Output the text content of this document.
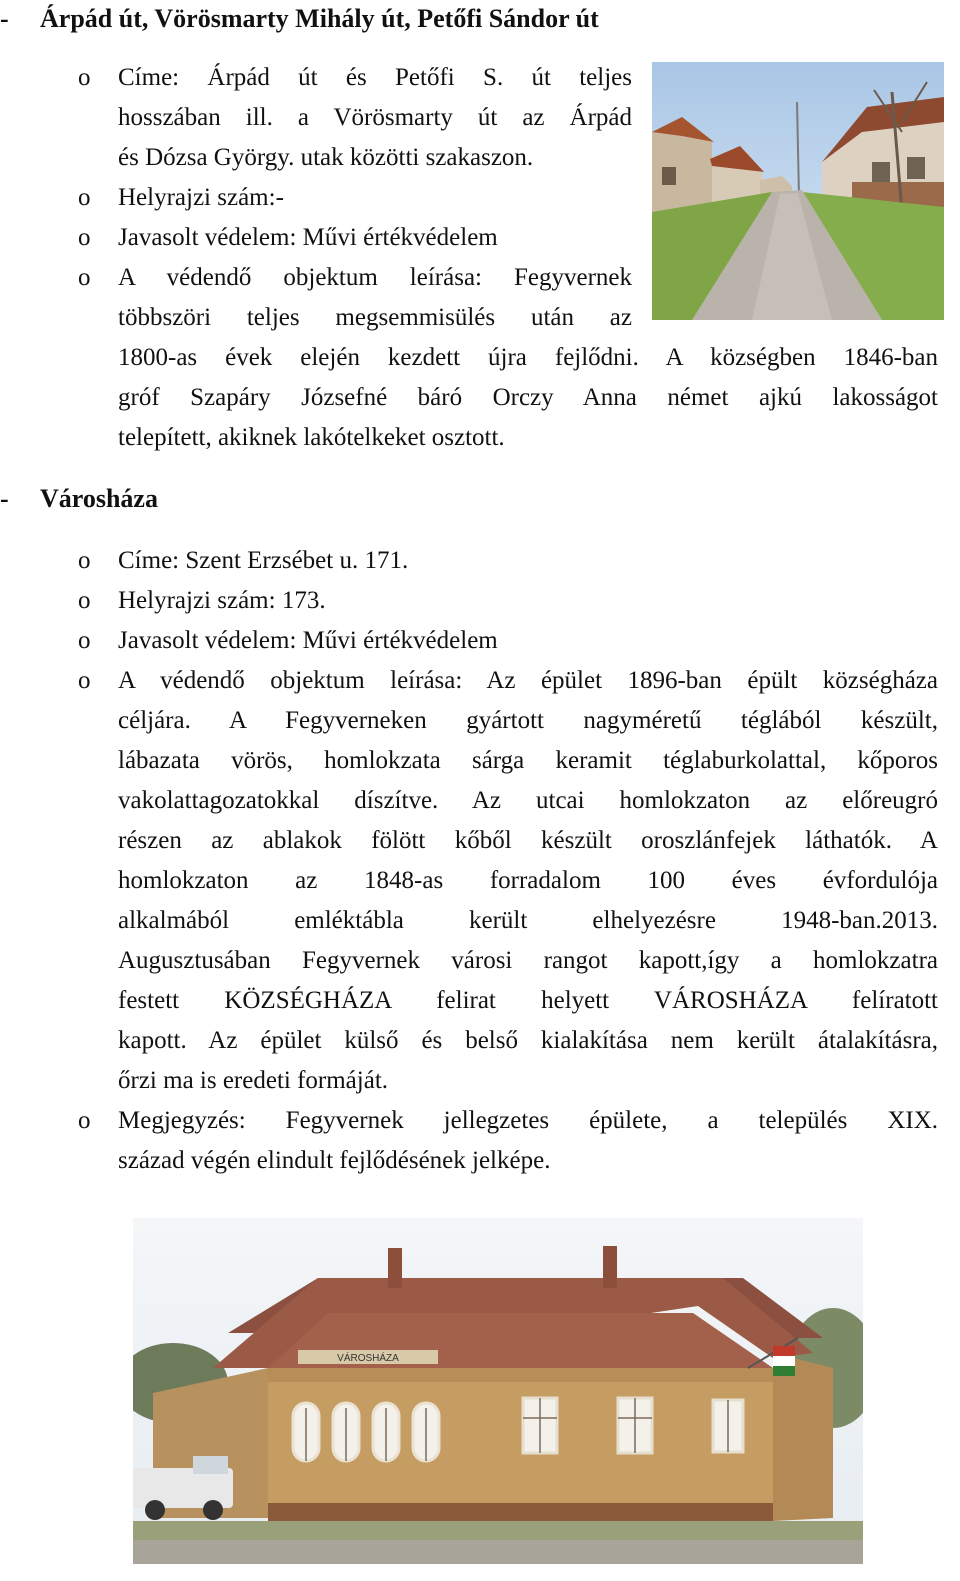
- Árpád út, Vörösmarty Mihály út, Petőfi Sándor út
o Címe: Árpád út és Petőfi S. út teljes
hosszában ill. a Vörösmarty út az Árpád
és Dózsa György. utak közötti szakaszon.
o Helyrajzi szám:-
o Javasolt védelem: Művi értékvédelem
o A védendő objektum leírása: Fegyvernek
többszöri teljes megsemmisülés után az
1800-as évek elején kezdett újra fejlődni. A községben 1846-ban
gróf Szapáry Józsefné báró Orczy Anna német ajkú lakosságot
telepített, akiknek lakótelkeket osztott.
- Városháza
o Címe: Szent Erzsébet u. 171.
o Helyrajzi szám: 173.
o Javasolt védelem: Művi értékvédelem
o A védendő objektum leírása: Az épület 1896-ban épült községháza
céljára. A Fegyverneken gyártott nagyméretű téglából készült,
lábazata vörös, homlokzata sárga keramit téglaburkolattal, kőporos
vakolattagozatokkal díszítve. Az utcai homlokzaton az előreugró
részen az ablakok fölött kőből készült oroszlánfejek láthatók. A
homlokzaton az 1848-as forradalom 100 éves évfordulója
alkalmából emléktábla került elhelyezésre 1948-ban.2013.
Augusztusában Fegyvernek városi rangot kapott,így a homlokzatra
festett KÖZSÉGHÁZA felirat helyett VÁROSHÁZA felíratott
kapott. Az épület külső és belső kialakítása nem került átalakításra,
őrzi ma is eredeti formáját.
o Megjegyzés: Fegyvernek jellegzetes épülete, a település XIX.
század végén elindult fejlődésének jelképe.
VÁROSHÁZA
